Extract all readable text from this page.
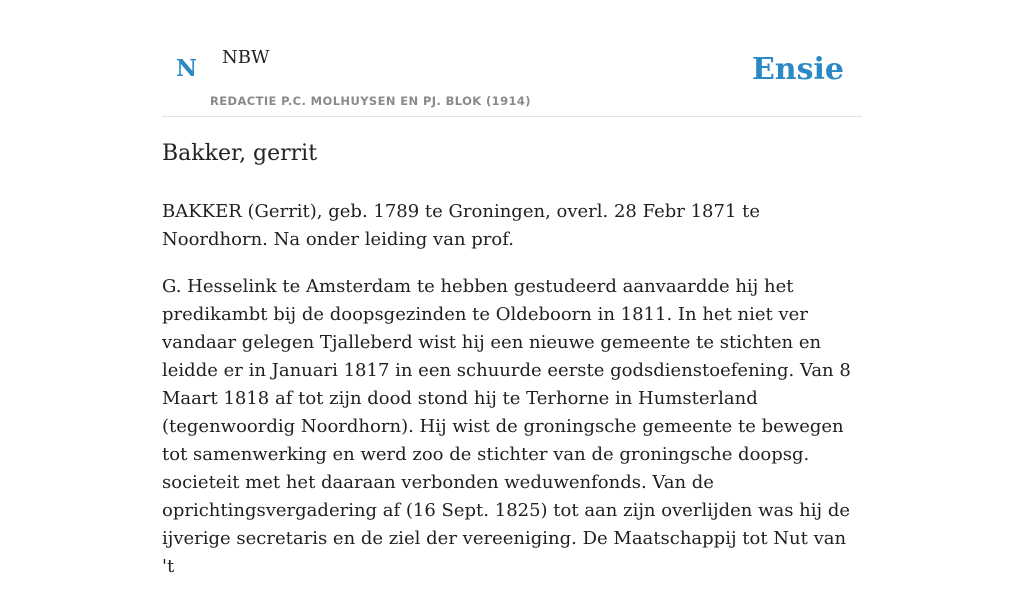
N NBW
REDACTIE P.C. MOLHUYSEN EN PJ. BLOK (1914)
Ensie
Bakker, gerrit

BAKKER (Gerrit), geb. 1789 te Groningen, overl. 28 Febr 1871 te Noordhorn. Na onder leiding van prof.

G. Hesselink te Amsterdam te hebben gestudeerd aanvaardde hij het predikambt bij de doopsgezinden te Oldeboorn in 1811. In het niet ver vandaar gelegen Tjalleberd wist hij een nieuwe gemeente te stichten en leidde er in Januari 1817 in een schuurde eerste godsdienstoefening. Van 8 Maart 1818 af tot zijn dood stond hij te Terhorne in Humsterland (tegenwoordig Noordhorn). Hij wist de groningsche gemeente te bewegen tot samenwerking en werd zoo de stichter van de groningsche doopsg. societeit met het daaraan verbonden weduwenfonds. Van de oprichtingsvergadering af (16 Sept. 1825) tot aan zijn overlijden was hij de ijverige secretaris en de ziel der vereeniging. De Maatschappij tot Nut van 't
